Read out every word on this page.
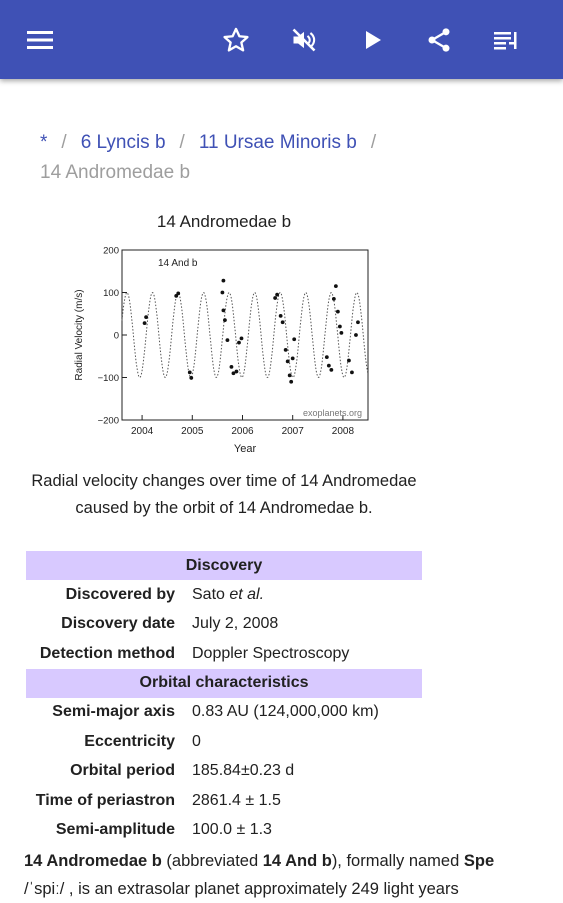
* / 6 Lyncis b / 11 Ursae Minoris b /
14 Andromedae b
14 Andromedae b
200
100
0
−100
−200
2004	2005	2006	2007	2008
14 And b
exoplanets.org
Year
Radial Velocity (m/s)
Radial velocity changes over time of 14 Andromedae caused by the orbit of 14 Andromedae b.
Discovery	
Discovered by	Sato et al.
Discovery date	July 2, 2008
Detection method	Doppler Spectroscopy
Orbital characteristics	
Semi-major axis	0.83 AU (124,000,000 km)
Eccentricity	0
Orbital period	185.84±0.23 d
Time of periastron	2861.4 ± 1.5
Semi-amplitude	100.0 ± 1.3
14 Andromedae b (abbreviated 14 And b), formally named Spe
/ˈspiː/ , is an extrasolar planet approximately 249 light years
